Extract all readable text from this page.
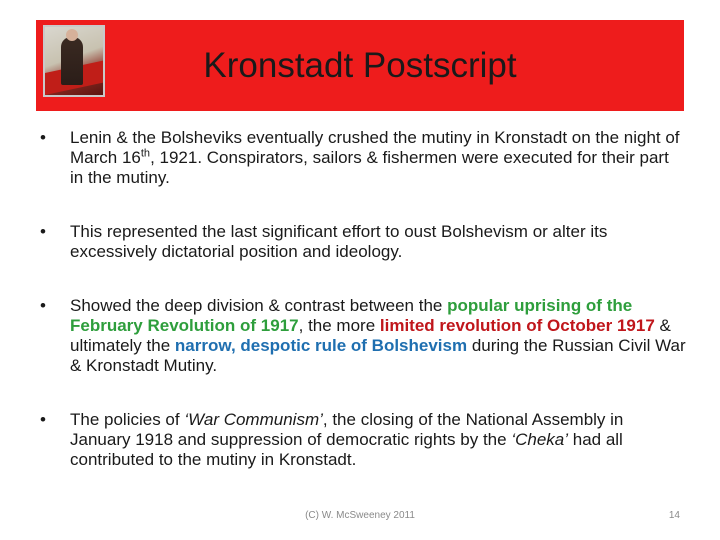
Kronstadt Postscript
• Lenin & the Bolsheviks eventually crushed the mutiny in Kronstadt on the night of March 16th, 1921. Conspirators, sailors & fishermen were executed for their part in the mutiny.
• This represented the last significant effort to oust Bolshevism or alter its excessively dictatorial position and ideology.
• Showed the deep division & contrast between the popular uprising of the February Revolution of 1917, the more limited revolution of October 1917 & ultimately the narrow, despotic rule of Bolshevism during the Russian Civil War & Kronstadt Mutiny.
• The policies of ‘War Communism’, the closing of the National Assembly in January 1918 and suppression of democratic rights by the ‘Cheka’ had all contributed to the mutiny in Kronstadt.
(C) W. McSweeney 2011	14
